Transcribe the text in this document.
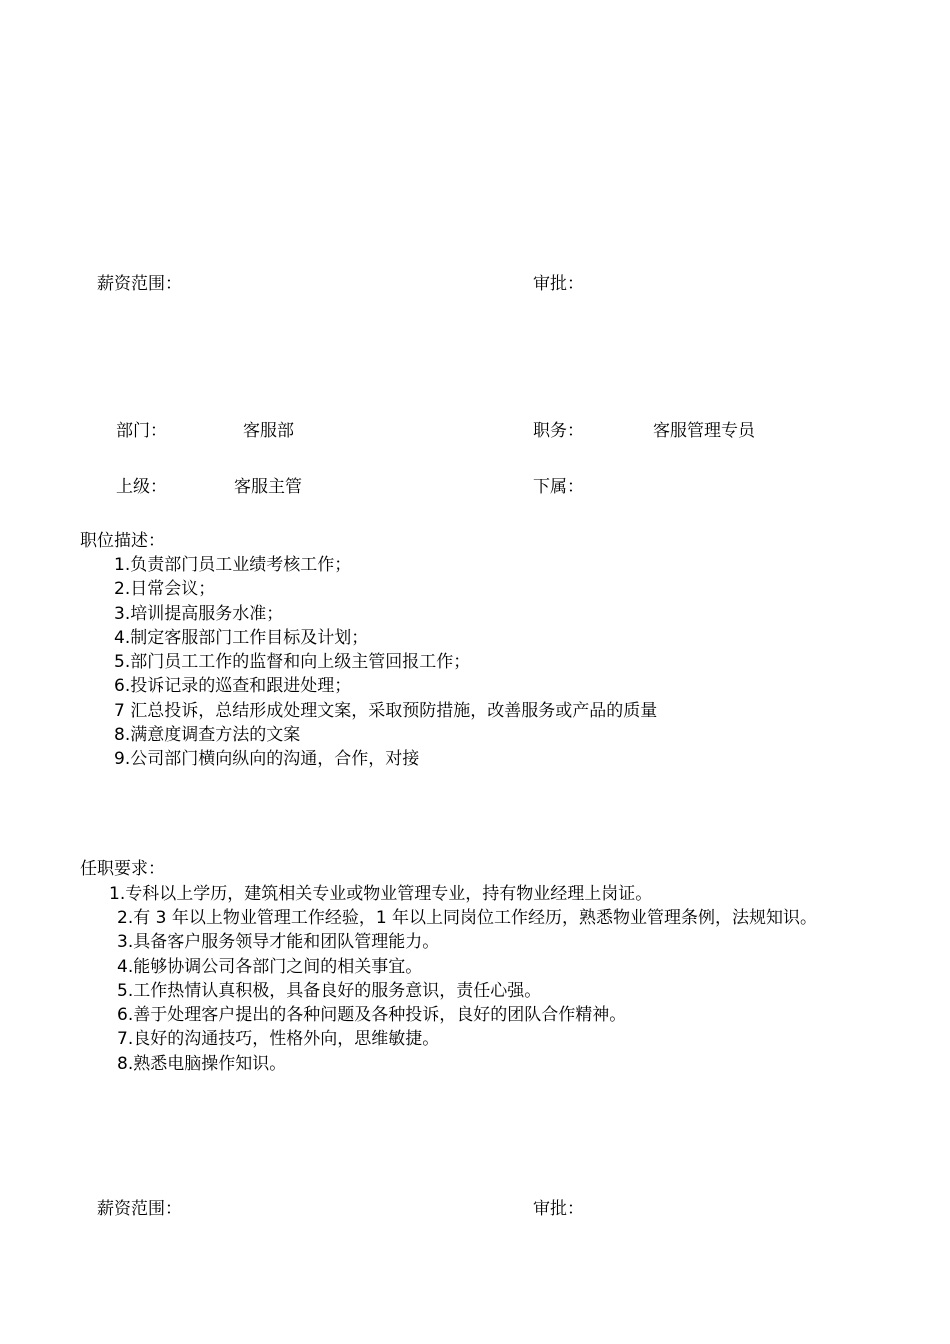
薪资范围：	审批：
部门：	客服部	职务：	客服管理专员
上级：	客服主管	下属：
职位描述：
1.负责部门员工业绩考核工作；
2.日常会议；
3.培训提高服务水准；
4.制定客服部门工作目标及计划；
5.部门员工工作的监督和向上级主管回报工作；
6.投诉记录的巡查和跟进处理；
7 汇总投诉，总结形成处理文案，采取预防措施，改善服务或产品的质量
8.满意度调查方法的文案
9.公司部门横向纵向的沟通，合作，对接
任职要求：
1.专科以上学历，建筑相关专业或物业管理专业，持有物业经理上岗证。
2.有 3 年以上物业管理工作经验，1 年以上同岗位工作经历，熟悉物业管理条例，法规知识。
3.具备客户服务领导才能和团队管理能力。
4.能够协调公司各部门之间的相关事宜。
5.工作热情认真积极，具备良好的服务意识，责任心强。
6.善于处理客户提出的各种问题及各种投诉，良好的团队合作精神。
7.良好的沟通技巧，性格外向，思维敏捷。
8.熟悉电脑操作知识。
薪资范围：	审批：
